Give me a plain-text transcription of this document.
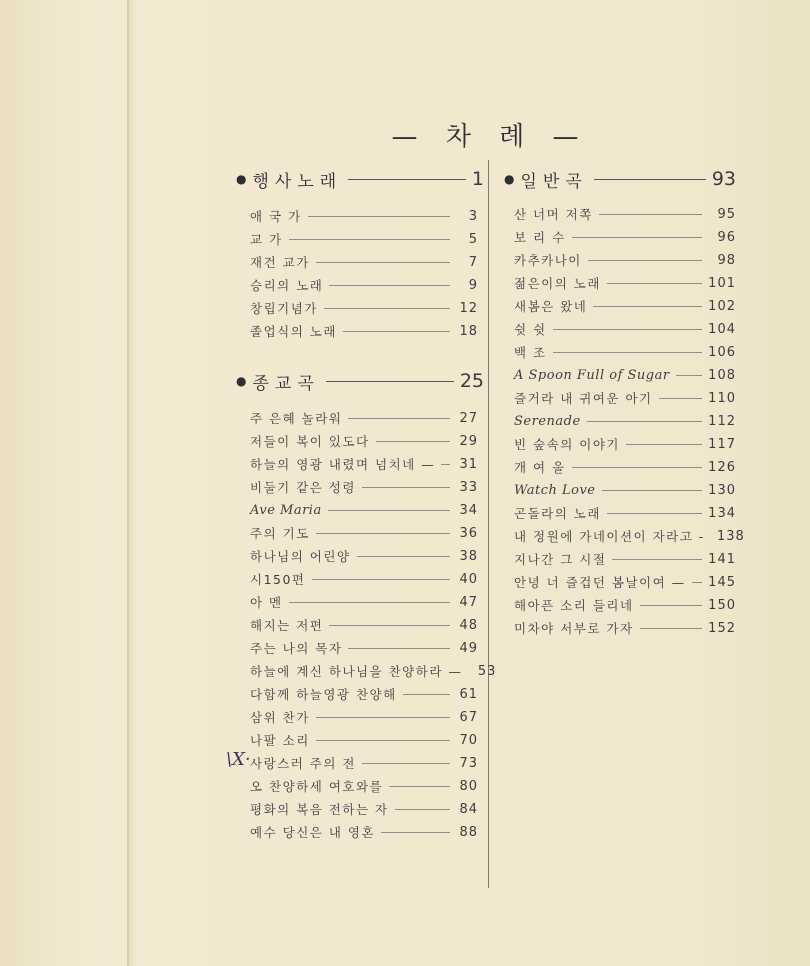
— 차 례 —
● 행사노래	1
애 국 가	3
교 가	5
재건 교가	7
승리의 노래	9
창립기념가	12
졸업식의 노래	18
● 종교곡	25
주 은혜 놀라워	27
저들이 복이 있도다	29
하늘의 영광 내렸며 넘치네 — 31
비둘기 같은 성령	33
Ave Maria	34
주의 기도	36
하나님의 어린양	38
시150편	40
아 멘	47
해지는 저편	48
주는 나의 목자	49
하늘에 계신 하나님을 찬양하라 — 53
다함께 하늘영광 찬양해	61
삼위 찬가	67
나팔 소리	70
사랑스러 주의 전	73
오 찬양하세 여호와를	80
평화의 복음 전하는 자	84
예수 당신은 내 영혼	88
\X·
● 일반곡	93
산 너머 저쪽	95
보 리 수	96
카추카나이	98
젊은이의 노래	101
새봄은 왔네	102
쉿 쉿	104
백 조	106
A Spoon Full of Sugar	108
즐거라 내 귀여운 아기	110
Serenade	112
빈 숲속의 이야기	117
개 여 울	126
Watch Love	130
곤돌라의 노래	134
내 정원에 가네이션이 자라고 - 138
지나간 그 시절	141
안녕 너 즐겁던 봄날이여 — 145
해아픈 소리 들리네	150
미차야 서부로 가자	152
